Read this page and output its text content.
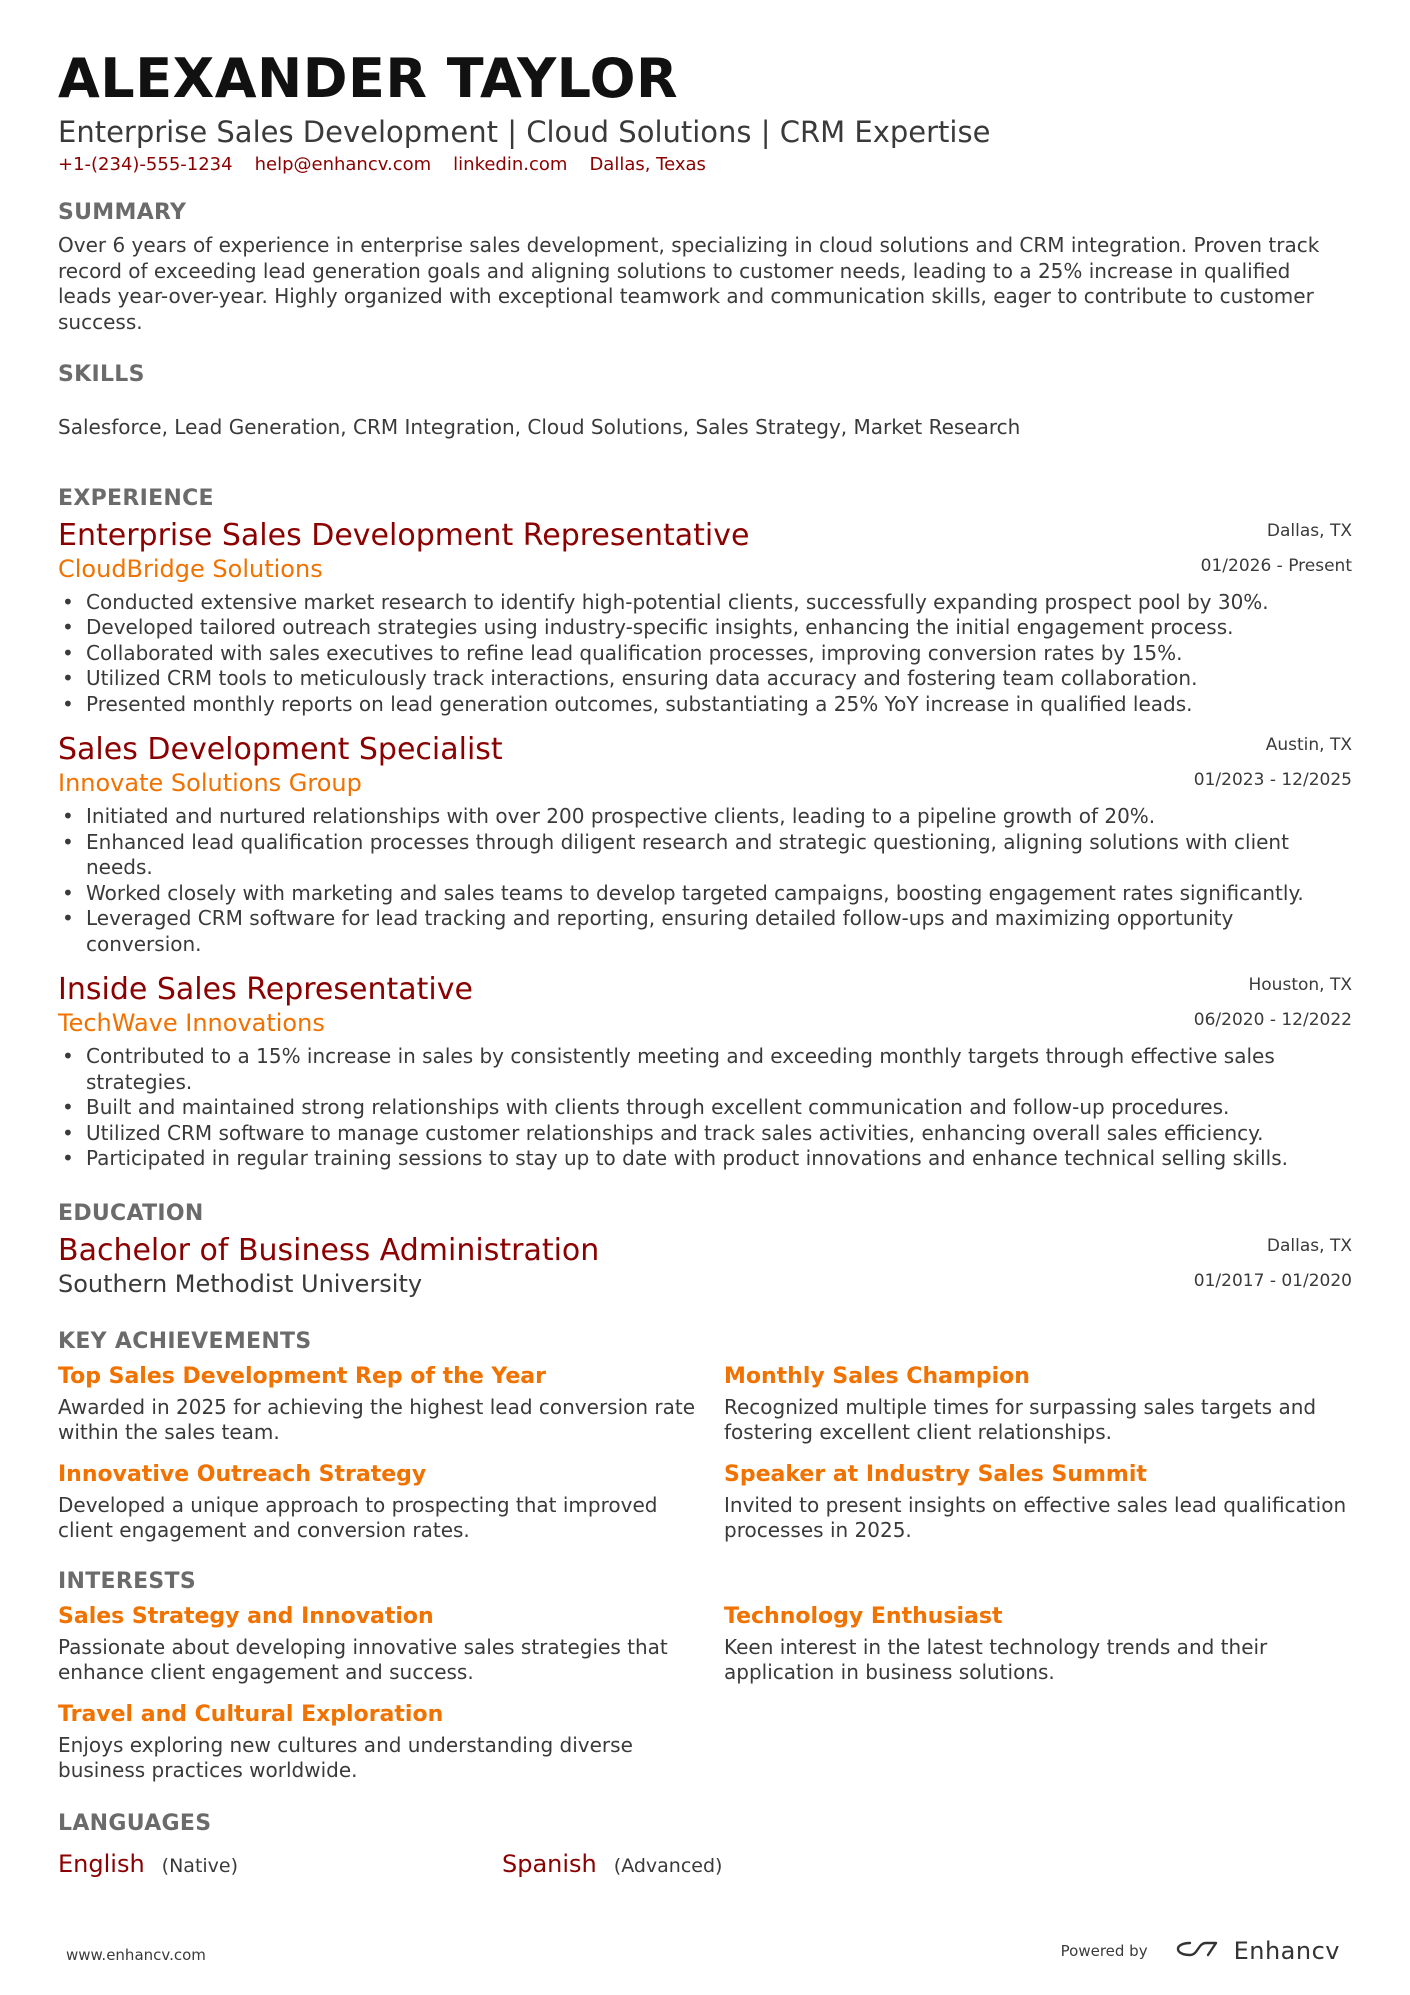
ALEXANDER TAYLOR
Enterprise Sales Development | Cloud Solutions | CRM Expertise
+1-(234)-555-1234 help@enhancv.com linkedin.com Dallas, Texas
SUMMARY
Over 6 years of experience in enterprise sales development, specializing in cloud solutions and CRM integration. Proven track record of exceeding lead generation goals and aligning solutions to customer needs, leading to a 25% increase in qualified leads year-over-year. Highly organized with exceptional teamwork and communication skills, eager to contribute to customer success.
SKILLS
Salesforce, Lead Generation, CRM Integration, Cloud Solutions, Sales Strategy, Market Research
EXPERIENCE
Enterprise Sales Development Representative
CloudBridge Solutions
Dallas, TX
01/2026 - Present
• Conducted extensive market research to identify high-potential clients, successfully expanding prospect pool by 30%.
• Developed tailored outreach strategies using industry-specific insights, enhancing the initial engagement process.
• Collaborated with sales executives to refine lead qualification processes, improving conversion rates by 15%.
• Utilized CRM tools to meticulously track interactions, ensuring data accuracy and fostering team collaboration.
• Presented monthly reports on lead generation outcomes, substantiating a 25% YoY increase in qualified leads.
Sales Development Specialist
Innovate Solutions Group
Austin, TX
01/2023 - 12/2025
• Initiated and nurtured relationships with over 200 prospective clients, leading to a pipeline growth of 20%.
• Enhanced lead qualification processes through diligent research and strategic questioning, aligning solutions with client needs.
• Worked closely with marketing and sales teams to develop targeted campaigns, boosting engagement rates significantly.
• Leveraged CRM software for lead tracking and reporting, ensuring detailed follow-ups and maximizing opportunity conversion.
Inside Sales Representative
TechWave Innovations
Houston, TX
06/2020 - 12/2022
• Contributed to a 15% increase in sales by consistently meeting and exceeding monthly targets through effective sales strategies.
• Built and maintained strong relationships with clients through excellent communication and follow-up procedures.
• Utilized CRM software to manage customer relationships and track sales activities, enhancing overall sales efficiency.
• Participated in regular training sessions to stay up to date with product innovations and enhance technical selling skills.
EDUCATION
Bachelor of Business Administration
Southern Methodist University
Dallas, TX
01/2017 - 01/2020
KEY ACHIEVEMENTS
Top Sales Development Rep of the Year
Awarded in 2025 for achieving the highest lead conversion rate within the sales team.
Monthly Sales Champion
Recognized multiple times for surpassing sales targets and fostering excellent client relationships.
Innovative Outreach Strategy
Developed a unique approach to prospecting that improved client engagement and conversion rates.
Speaker at Industry Sales Summit
Invited to present insights on effective sales lead qualification processes in 2025.
INTERESTS
Sales Strategy and Innovation
Passionate about developing innovative sales strategies that enhance client engagement and success.
Technology Enthusiast
Keen interest in the latest technology trends and their application in business solutions.
Travel and Cultural Exploration
Enjoys exploring new cultures and understanding diverse business practices worldwide.
LANGUAGES
English (Native)	Spanish (Advanced)
www.enhancv.com	Powered by	Enhancv
